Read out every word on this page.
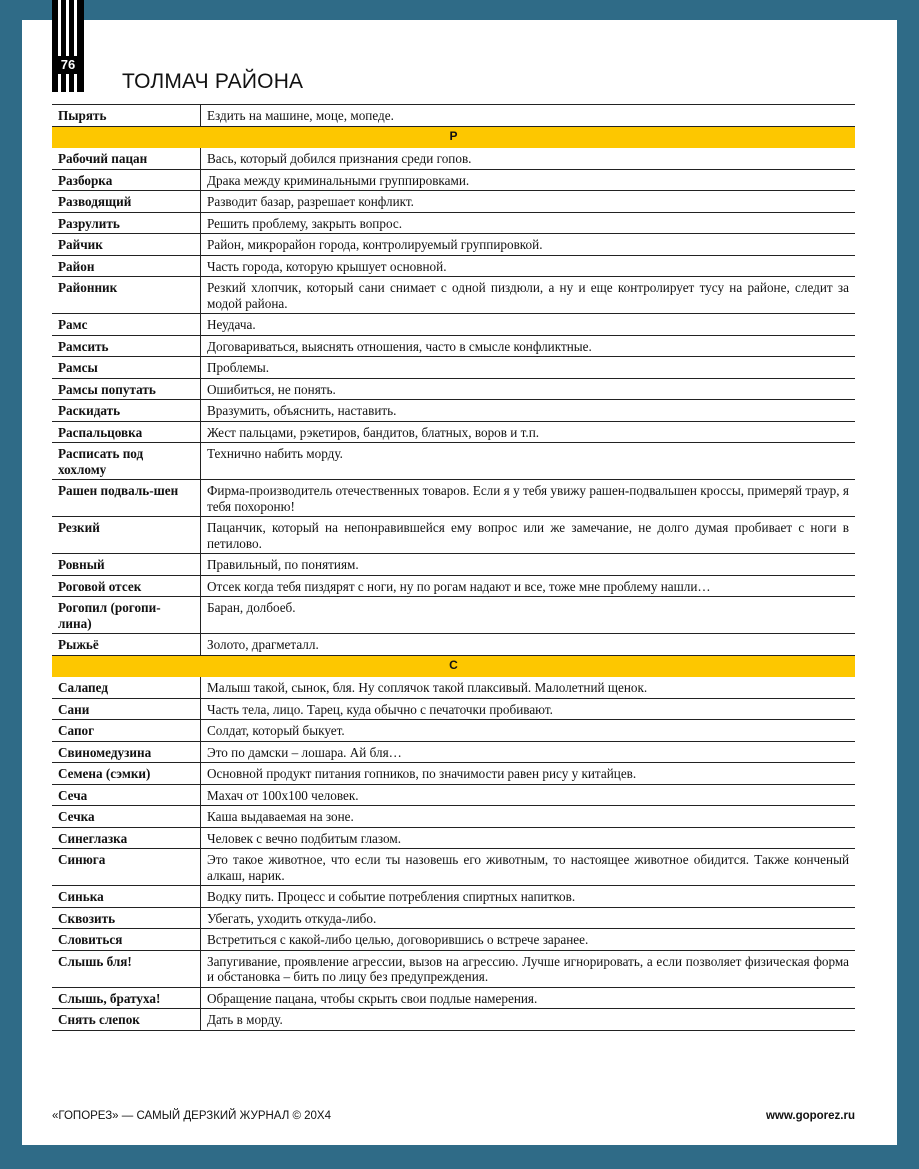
76
ТОЛМАЧ РАЙОНА
Пырять	Ездить на машине, моце, мопеде.
Р	
Рабочий пацан	Вась, который добился признания среди гопов.
Разборка	Драка между криминальными группировками.
Разводящий	Разводит базар, разрешает конфликт.
Разрулить	Решить проблему, закрыть вопрос.
Райчик	Район, микрорайон города, контролируемый группировкой.
Район	Часть города, которую крышует основной.
Районник	Резкий хлопчик, который сани снимает с одной пиздюли, а ну и еще контролирует тусу на районе, следит за модой района.
Рамс	Неудача.
Рамсить	Договариваться, выяснять отношения, часто в смысле конфликтные.
Рамсы	Проблемы.
Рамсы попутать	Ошибиться, не понять.
Раскидать	Вразумить, объяснить, наставить.
Распальцовка	Жест пальцами, рэкетиров, бандитов, блатных, воров и т.п.
Расписать под хохлому	Технично набить морду.
Рашен подваль-шен	Фирма-производитель отечественных товаров. Если я у тебя увижу рашен-подвальшен кроссы, примеряй траур, я тебя похороню!
Резкий	Пацанчик, который на непонравившейся ему вопрос или же замечание, не долго думая пробивает с ноги в петилово.
Ровный	Правильный, по понятиям.
Роговой отсек	Отсек когда тебя пиздярят с ноги, ну по рогам надают и все, тоже мне проблему нашли…
Рогопил (рогопи-лина)	Баран, долбоеб.
Рыжьё	Золото, драгметалл.
С	
Салапед	Малыш такой, сынок, бля. Ну соплячок такой плаксивый. Малолетний щенок.
Сани	Часть тела, лицо. Тарец, куда обычно с печаточки пробивают.
Сапог	Солдат, который быкует.
Свиномедузина	Это по дамски – лошара. Ай бля…
Семена (сэмки)	Основной продукт питания гопников, по значимости равен рису у китайцев.
Сеча	Махач от 100х100 человек.
Сечка	Каша выдаваемая на зоне.
Синеглазка	Человек с вечно подбитым глазом.
Синюга	Это такое животное, что если ты назовешь его животным, то настоящее животное обидится. Также конченый алкаш, нарик.
Синька	Водку пить. Процесс и событие потребления спиртных напитков.
Сквозить	Убегать, уходить откуда-либо.
Словиться	Встретиться с какой-либо целью, договорившись о встрече заранее.
Слышь бля!	Запугивание, проявление агрессии, вызов на агрессию. Лучше игнорировать, а если позволяет физическая форма и обстановка – бить по лицу без предупреждения.
Слышь, братуха!	Обращение пацана, чтобы скрыть свои подлые намерения.
Снять слепок	Дать в морду.
«ГОПОРЕЗ» — САМЫЙ ДЕРЗКИЙ ЖУРНАЛ © 20Х4	www.goporez.ru
